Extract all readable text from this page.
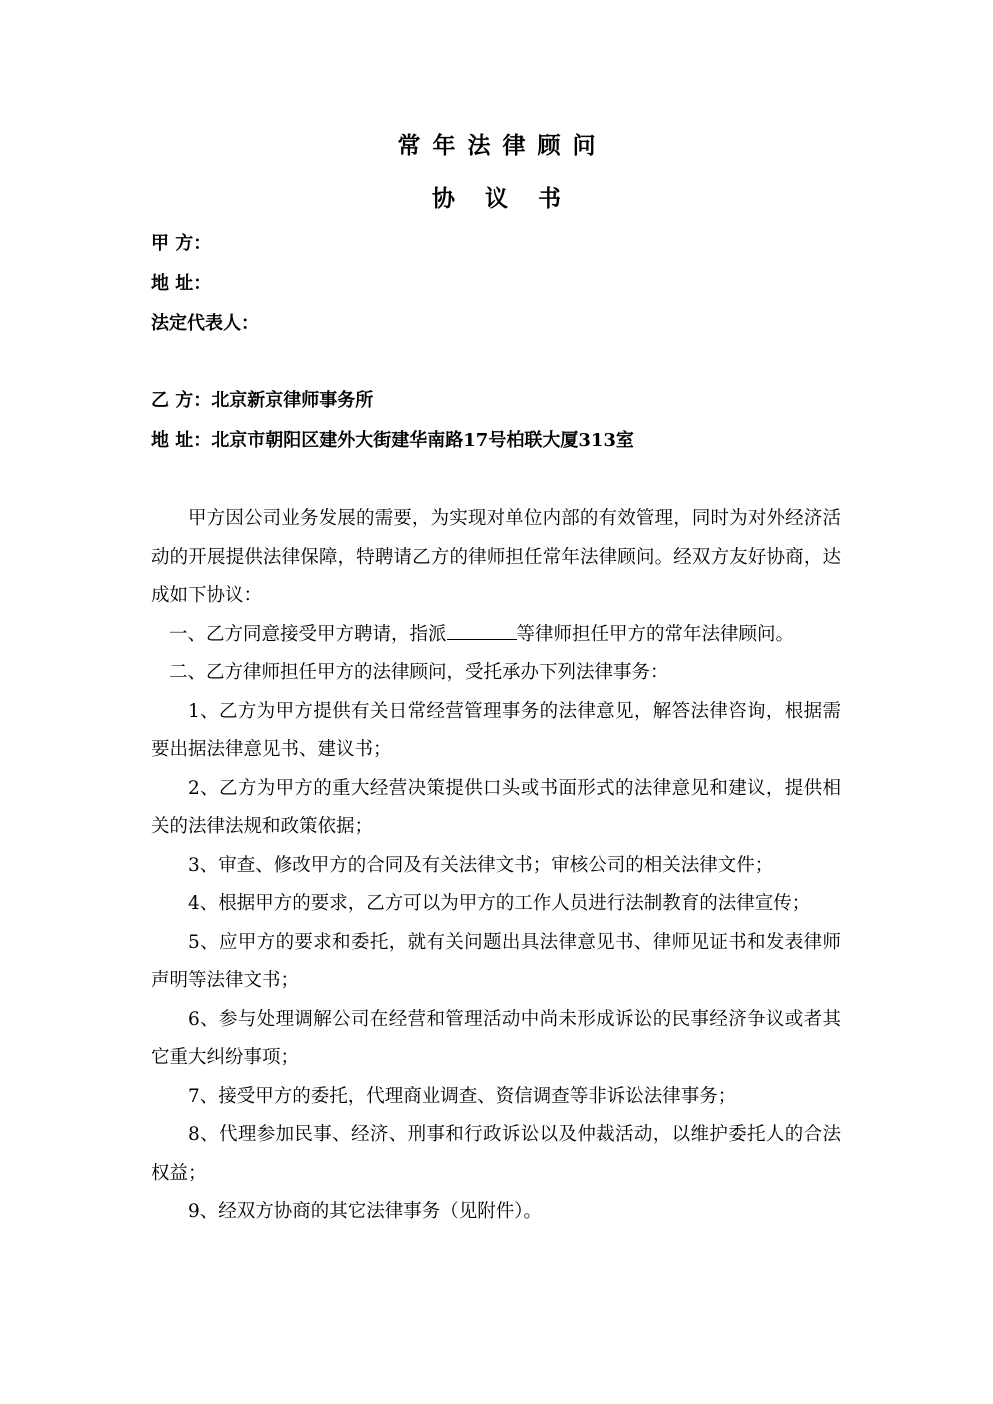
常年法律顾问
协议书
甲 方：
地 址：
法定代表人：
乙 方：北京新京律师事务所
地 址：北京市朝阳区建外大街建华南路17号柏联大厦313室

甲方因公司业务发展的需要，为实现对单位内部的有效管理，同时为对外经济活动的开展提供法律保障，特聘请乙方的律师担任常年法律顾问。经双方友好协商，达成如下协议：

一、乙方同意接受甲方聘请，指派	等律师担任甲方的常年法律顾问。

二、乙方律师担任甲方的法律顾问，受托承办下列法律事务：

1、乙方为甲方提供有关日常经营管理事务的法律意见，解答法律咨询，根据需要出据法律意见书、建议书；

2、乙方为甲方的重大经营决策提供口头或书面形式的法律意见和建议，提供相关的法律法规和政策依据；

3、审查、修改甲方的合同及有关法律文书；审核公司的相关法律文件；

4、根据甲方的要求，乙方可以为甲方的工作人员进行法制教育的法律宣传；

5、应甲方的要求和委托，就有关问题出具法律意见书、律师见证书和发表律师声明等法律文书；

6、参与处理调解公司在经营和管理活动中尚未形成诉讼的民事经济争议或者其它重大纠纷事项；

7、接受甲方的委托，代理商业调查、资信调查等非诉讼法律事务；

8、代理参加民事、经济、刑事和行政诉讼以及仲裁活动，以维护委托人的合法权益；

9、经双方协商的其它法律事务（见附件）。
